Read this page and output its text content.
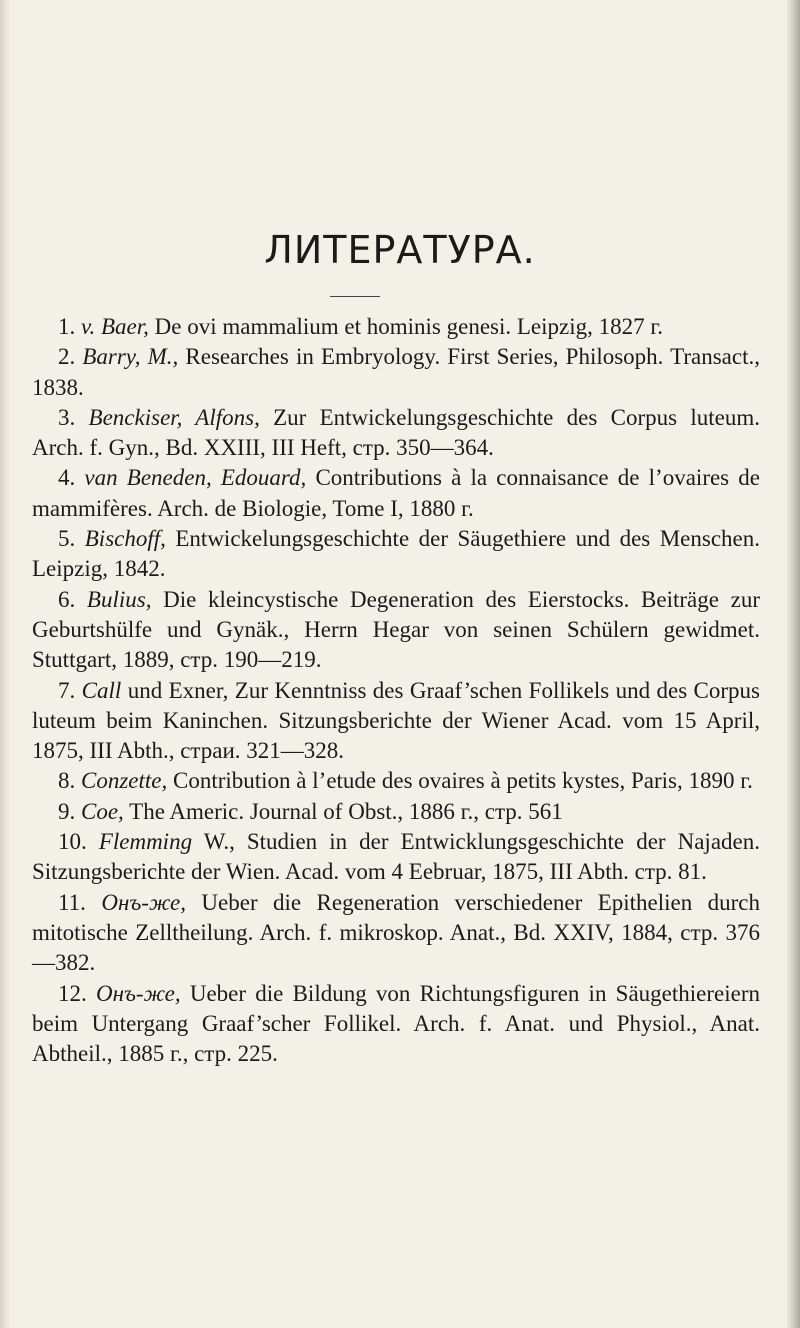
ЛИТЕРАТУРА.

1. v. Baer, De ovi mammalium et hominis genesi. Leipzig, 1827 г.

2. Barry, M., Researches in Embryology. First Series, Philosoph. Transact., 1838.

3. Benckiser, Alfons, Zur Entwickelungsgeschichte des Corpus luteum. Arch. f. Gyn., Bd. XXIII, III Heft, стр. 350—364.

4. van Beneden, Edouard, Contributions à la connaisance de l’ovaires de mammifères. Arch. de Biologie, Tome I, 1880 г.

5. Bischoff, Entwickelungsgeschichte der Säugethiere und des Menschen. Leipzig, 1842.

6. Bulius, Die kleincystische Degeneration des Eierstocks. Beiträge zur Geburtshülfe und Gynäk., Herrn Hegar von seinen Schülern gewidmet. Stuttgart, 1889, стр. 190—219.

7. Call und Exner, Zur Kenntniss des Graaf’schen Follikels und des Corpus luteum beim Kaninchen. Sitzungsberichte der Wiener Acad. vom 15 April, 1875, III Abth., страи. 321—328.

8. Conzette, Contribution à l’etude des ovaires à petits kystes, Paris, 1890 г.

9. Coe, The Americ. Journal of Obst., 1886 г., стр. 561

10. Flemming W., Studien in der Entwicklungsgeschichte der Najaden. Sitzungsberichte der Wien. Acad. vom 4 Eebruar, 1875, III Abth. стр. 81.

11. Онъ-же, Ueber die Regeneration verschiedener Epithelien durch mitotische Zelltheilung. Arch. f. mikroskop. Anat., Bd. XXIV, 1884, стр. 376—382.

12. Онъ-же, Ueber die Bildung von Richtungsfiguren in Säugethiereiern beim Untergang Graaf’scher Follikel. Arch. f. Anat. und Physiol., Anat. Abtheil., 1885 г., стр. 225.
